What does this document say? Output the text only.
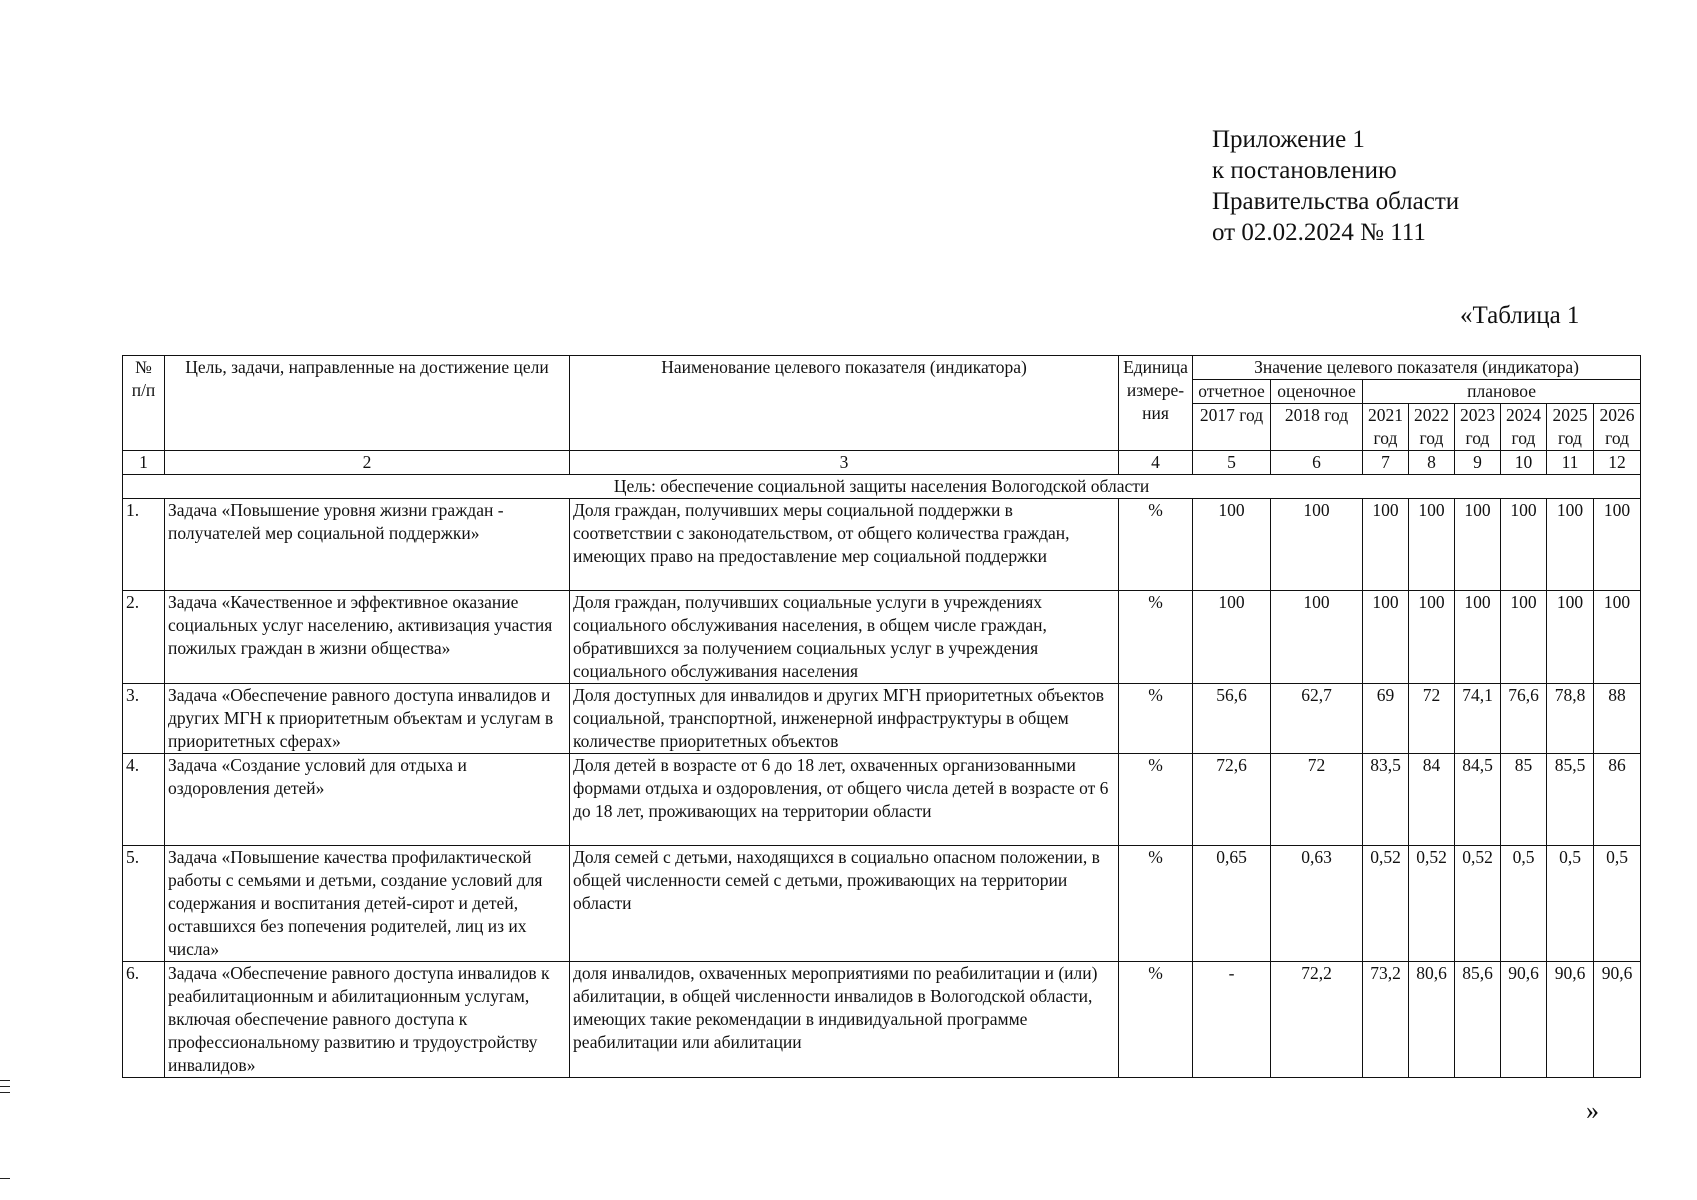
Приложение 1
к постановлению
Правительства области
от 02.02.2024 № 111
«Таблица 1
№ п/п	Цель, задачи, направленные на достижение цели	Наименование целевого показателя (индикатора)	Единица измере-ния	Значение целевого показателя (индикатора)							
				отчетное	оценочное	плановое					
				2017 год	2018 год	2021 год	2022 год	2023 год	2024 год	2025 год	2026 год

1	2	3	4	5	6	7	8	9	10	11	12
Цель: обеспечение социальной защиты населения Вологодской области											
1.	Задача «Повышение уровня жизни граждан - получателей мер социальной поддержки»	Доля граждан, получивших меры социальной поддержки в соответствии с законодательством, от общего количества граждан, имеющих право на предоставление мер социальной поддержки	%	100	100	100	100	100	100	100	100
2.	Задача «Качественное и эффективное оказание социальных услуг населению, активизация участия пожилых граждан в жизни общества»	Доля граждан, получивших социальные услуги в учреждениях социального обслуживания населения, в общем числе граждан, обратившихся за получением социальных услуг в учреждения социального обслуживания населения	%	100	100	100	100	100	100	100	100
3.	Задача «Обеспечение равного доступа инвалидов и других МГН к приоритетным объектам и услугам в приоритетных сферах»	Доля доступных для инвалидов и других МГН приоритетных объектов социальной, транспортной, инженерной инфраструктуры в общем количестве приоритетных объектов	%	56,6	62,7	69	72	74,1	76,6	78,8	88
4.	Задача «Создание условий для отдыха и оздоровления детей»	Доля детей в возрасте от 6 до 18 лет, охваченных организованными формами отдыха и оздоровления, от общего числа детей в возрасте от 6 до 18 лет, проживающих на территории области	%	72,6	72	83,5	84	84,5	85	85,5	86
5.	Задача «Повышение качества профилактической работы с семьями и детьми, создание условий для содержания и воспитания детей-сирот и детей, оставшихся без попечения родителей, лиц из их числа»	Доля семей с детьми, находящихся в социально опасном положении, в общей численности семей с детьми, проживающих на территории области	%	0,65	0,63	0,52	0,52	0,52	0,5	0,5	0,5
6.	Задача «Обеспечение равного доступа инвалидов к реабилитационным и абилитационным услугам, включая обеспечение равного доступа к профессиональному развитию и трудоустройству инвалидов»	доля инвалидов, охваченных мероприятиями по реабилитации и (или) абилитации, в общей численности инвалидов в Вологодской области, имеющих такие рекомендации в индивидуальной программе реабилитации или абилитации	%	-	72,2	73,2	80,6	85,6	90,6	90,6	90,6
»
